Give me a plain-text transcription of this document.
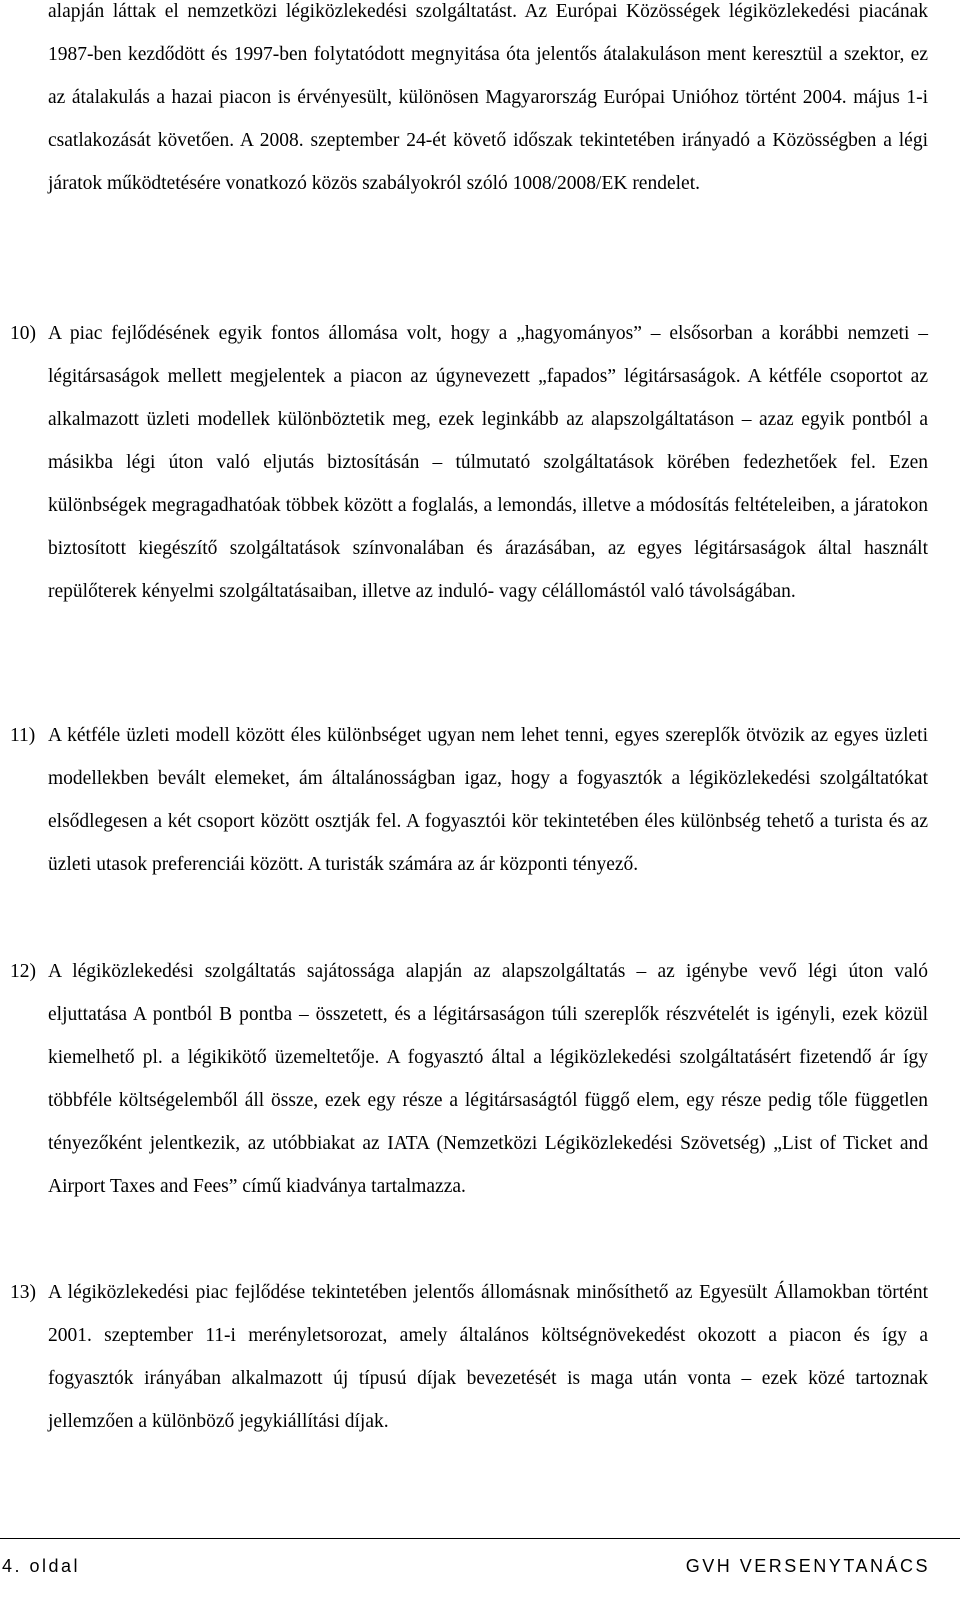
alapján láttak el nemzetközi légiközlekedési szolgáltatást. Az Európai Közösségek légiközlekedési piacának 1987-ben kezdődött és 1997-ben folytatódott megnyitása óta jelentős átalakuláson ment keresztül a szektor, ez az átalakulás a hazai piacon is érvényesült, különösen Magyarország Európai Unióhoz történt 2004. május 1-i csatlakozását követően. A 2008. szeptember 24-ét követő időszak tekintetében irányadó a Közösségben a légi járatok működtetésére vonatkozó közös szabályokról szóló 1008/2008/EK rendelet.

10) A piac fejlődésének egyik fontos állomása volt, hogy a „hagyományos” – elsősorban a korábbi nemzeti – légitársaságok mellett megjelentek a piacon az úgynevezett „fapados” légitársaságok. A kétféle csoportot az alkalmazott üzleti modellek különböztetik meg, ezek leginkább az alapszolgáltatáson – azaz egyik pontból a másikba légi úton való eljutás biztosításán – túlmutató szolgáltatások körében fedezhetőek fel. Ezen különbségek megragadhatóak többek között a foglalás, a lemondás, illetve a módosítás feltételeiben, a járatokon biztosított kiegészítő szolgáltatások színvonalában és árazásában, az egyes légitársaságok által használt repülőterek kényelmi szolgáltatásaiban, illetve az induló- vagy célállomástól való távolságában.

11) A kétféle üzleti modell között éles különbséget ugyan nem lehet tenni, egyes szereplők ötvözik az egyes üzleti modellekben bevált elemeket, ám általánosságban igaz, hogy a fogyasztók a légiközlekedési szolgáltatókat elsődlegesen a két csoport között osztják fel. A fogyasztói kör tekintetében éles különbség tehető a turista és az üzleti utasok preferenciái között. A turisták számára az ár központi tényező.

12) A légiközlekedési szolgáltatás sajátossága alapján az alapszolgáltatás – az igénybe vevő légi úton való eljuttatása A pontból B pontba – összetett, és a légitársaságon túli szereplők részvételét is igényli, ezek közül kiemelhető pl. a légikikötő üzemeltetője. A fogyasztó által a légiközlekedési szolgáltatásért fizetendő ár így többféle költségelemből áll össze, ezek egy része a légitársaságtól függő elem, egy része pedig tőle független tényezőként jelentkezik, az utóbbiakat az IATA (Nemzetközi Légiközlekedési Szövetség) „List of Ticket and Airport Taxes and Fees” című kiadványa tartalmazza.

13) A légiközlekedési piac fejlődése tekintetében jelentős állomásnak minősíthető az Egyesült Államokban történt 2001. szeptember 11-i merényletsorozat, amely általános költségnövekedést okozott a piacon és így a fogyasztók irányában alkalmazott új típusú díjak bevezetését is maga után vonta – ezek közé tartoznak jellemzően a különböző jegykiállítási díjak.

4. oldal	GVH VERSENYTANÁCS
